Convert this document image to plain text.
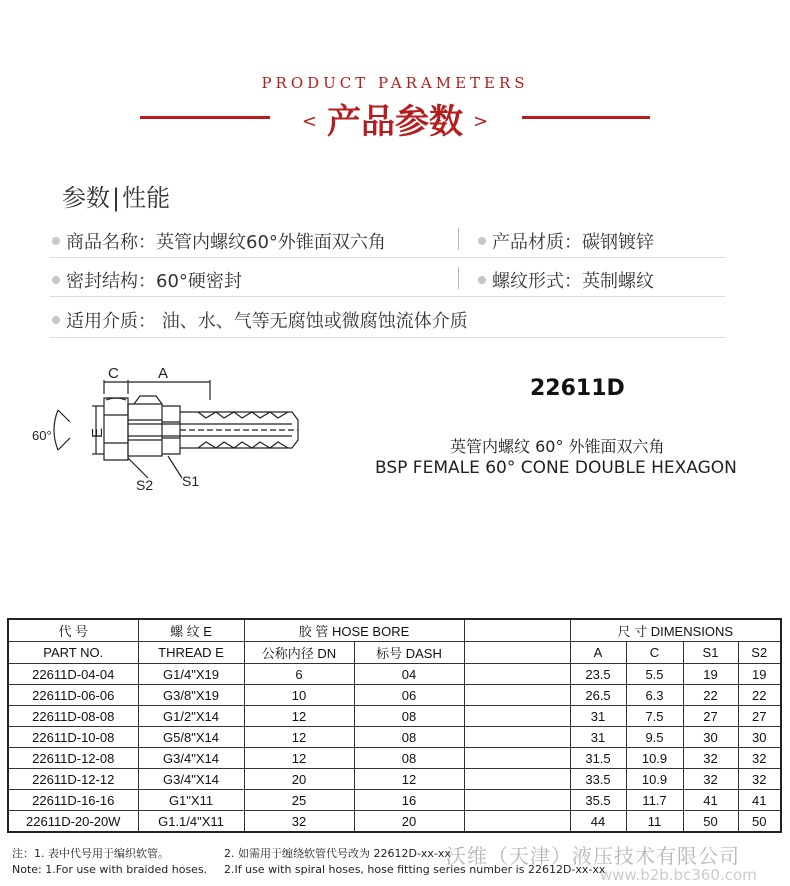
PRODUCT PARAMETERS
< 产品参数 >
参数|性能
商品名称：英管内螺纹60°外锥面双六角	产品材质：碳钢镀锌
密封结构：60°硬密封	螺纹形式：英制螺纹
适用介质： 油、水、气等无腐蚀或微腐蚀流体介质
C	A
E
60°
S2 S1
22611D
英管内螺纹 60° 外锥面双六角
BSP FEMALE 60° CONE DOUBLE HEXAGON
代 号	螺 纹 E	胶 管 HOSE BORE			尺 寸 DIMENSIONS			
PART NO.	THREAD E	公称内径 DN	标号 DASH		A	C	S1	S2
22611D-04-04	G1/4"X19	6	04		23.5	5.5	19	19
22611D-06-06	G3/8"X19	10	06		26.5	6.3	22	22
22611D-08-08	G1/2"X14	12	08		31	7.5	27	27
22611D-10-08	G5/8"X14	12	08		31	9.5	30	30
22611D-12-08	G3/4"X14	12	08		31.5	10.9	32	32
22611D-12-12	G3/4"X14	20	12		33.5	10.9	32	32
22611D-16-16	G1"X11	25	16		35.5	11.7	41	41
22611D-20-20W	G1.1/4"X11	32	20		44	11	50	50
注：1. 表中代号用于编织软管。	2. 如需用于缠绕软管代号改为 22612D-xx-xx
Note: 1.For use with braided hoses. 2.If use with spiral hoses, hose fitting series number is 22612D-xx-xx
沃维（天津）液压技术有限公司
www.b2b.bc360.com
